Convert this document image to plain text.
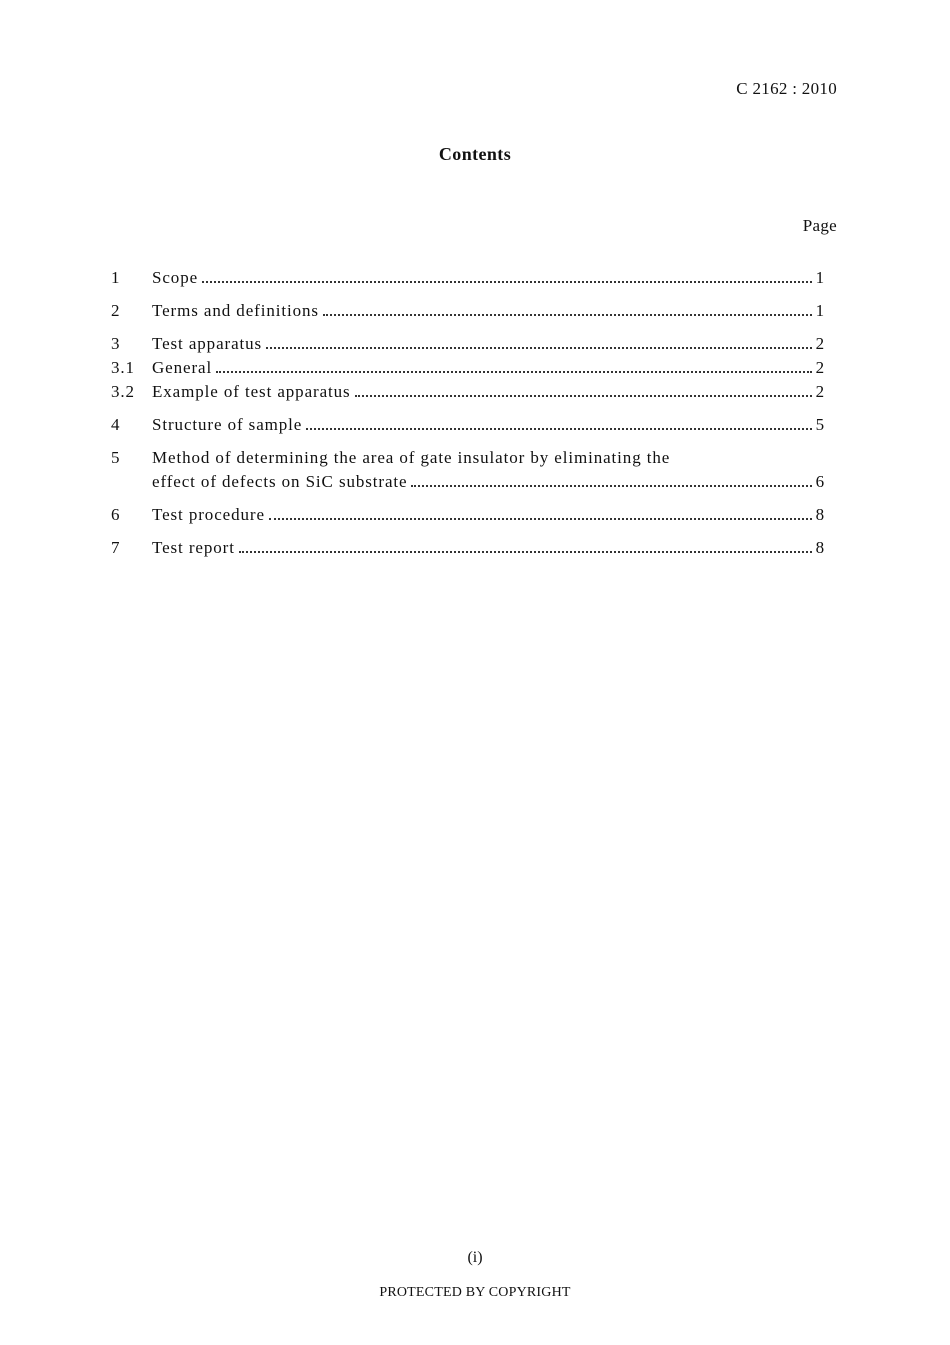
C 2162 : 2010
Contents
Page
1	Scope	1
2	Terms and definitions	1
3	Test apparatus	2
3.1	General	2
3.2	Example of test apparatus	2
4	Structure of sample	5
5	Method of determining the area of gate insulator by eliminating the
effect of defects on SiC substrate	6
6	Test procedure	8
7	Test report	8
(i)
PROTECTED BY COPYRIGHT
